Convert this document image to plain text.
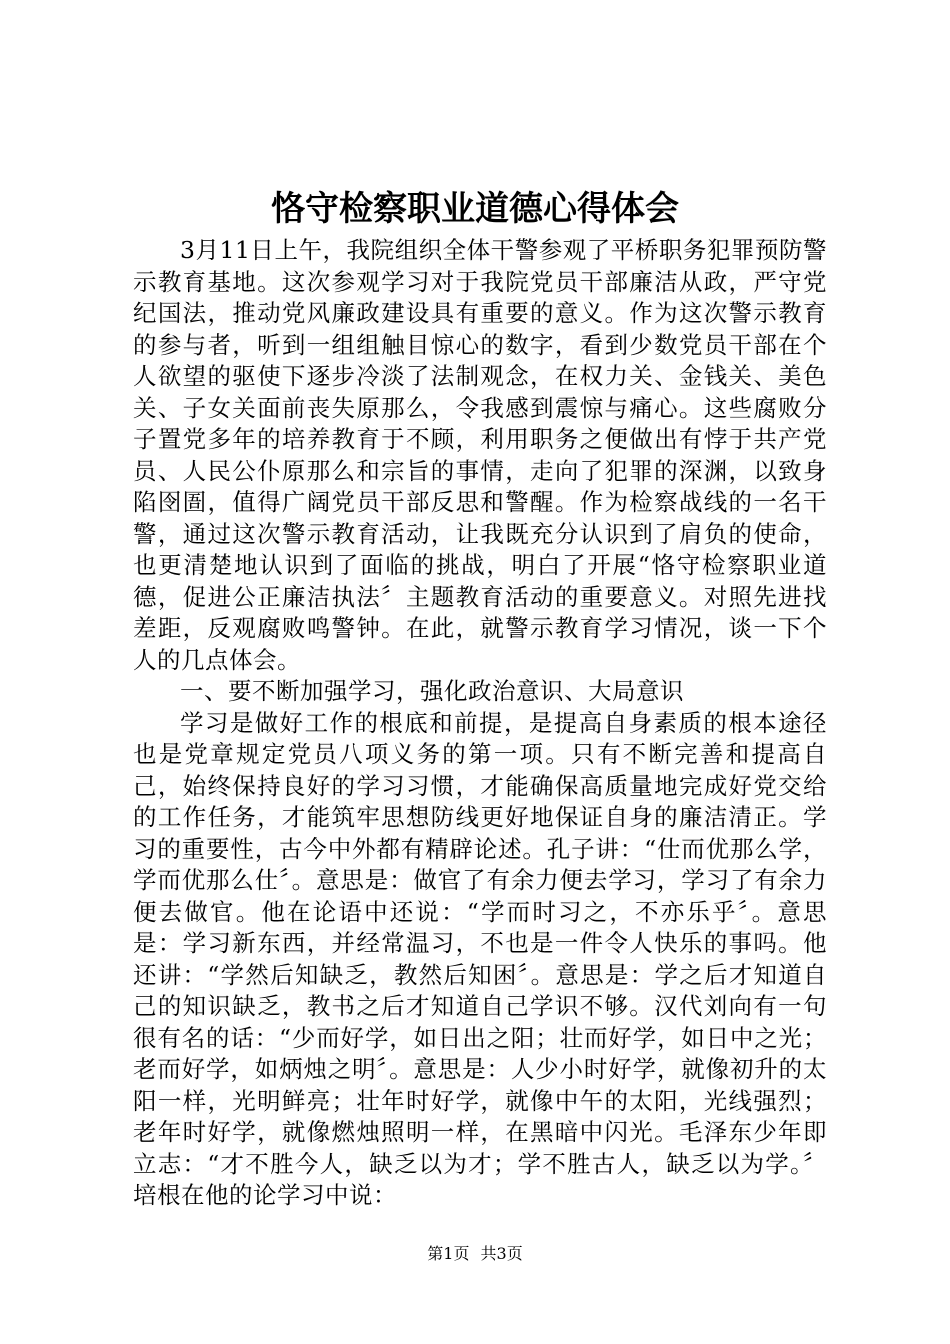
恪守检察职业道德心得体会

3月11日上午，我院组织全体干警参观了平桥职务犯罪预防警示教育基地。这次参观学习对于我院党员干部廉洁从政，严守党纪国法，推动党风廉政建设具有重要的意义。作为这次警示教育的参与者，听到一组组触目惊心的数字，看到少数党员干部在个人欲望的驱使下逐步冷淡了法制观念，在权力关、金钱关、美色关、子女关面前丧失原那么，令我感到震惊与痛心。这些腐败分子置党多年的培养教育于不顾，利用职务之便做出有悖于共产党员、人民公仆原那么和宗旨的事情，走向了犯罪的深渊，以致身陷囹圄，值得广阔党员干部反思和警醒。作为检察战线的一名干警，通过这次警示教育活动，让我既充分认识到了肩负的使命，也更清楚地认识到了面临的挑战，明白了开展“恪守检察职业道德，促进公正廉洁执法〞主题教育活动的重要意义。对照先进找差距，反观腐败鸣警钟。在此，就警示教育学习情况，谈一下个人的几点体会。

一、要不断加强学习，强化政治意识、大局意识

学习是做好工作的根底和前提，是提高自身素质的根本途径也是党章规定党员八项义务的第一项。只有不断完善和提高自己，始终保持良好的学习习惯，才能确保高质量地完成好党交给的工作任务，才能筑牢思想防线更好地保证自身的廉洁清正。学习的重要性，古今中外都有精辟论述。孔子讲：“仕而优那么学，学而优那么仕〞。意思是：做官了有余力便去学习，学习了有余力便去做官。他在论语中还说：“学而时习之，不亦乐乎〞。意思是：学习新东西，并经常温习，不也是一件令人快乐的事吗。他还讲：“学然后知缺乏，教然后知困〞。意思是：学之后才知道自己的知识缺乏，教书之后才知道自己学识不够。汉代刘向有一句很有名的话：“少而好学，如日出之阳；壮而好学，如日中之光；老而好学，如炳烛之明〞。意思是：人少小时好学，就像初升的太阳一样，光明鲜亮；壮年时好学，就像中午的太阳，光线强烈；老年时好学，就像燃烛照明一样，在黑暗中闪光。毛泽东少年即立志：“才不胜今人，缺乏以为才；学不胜古人，缺乏以为学。〞培根在他的论学习中说：

第1页 共3页
